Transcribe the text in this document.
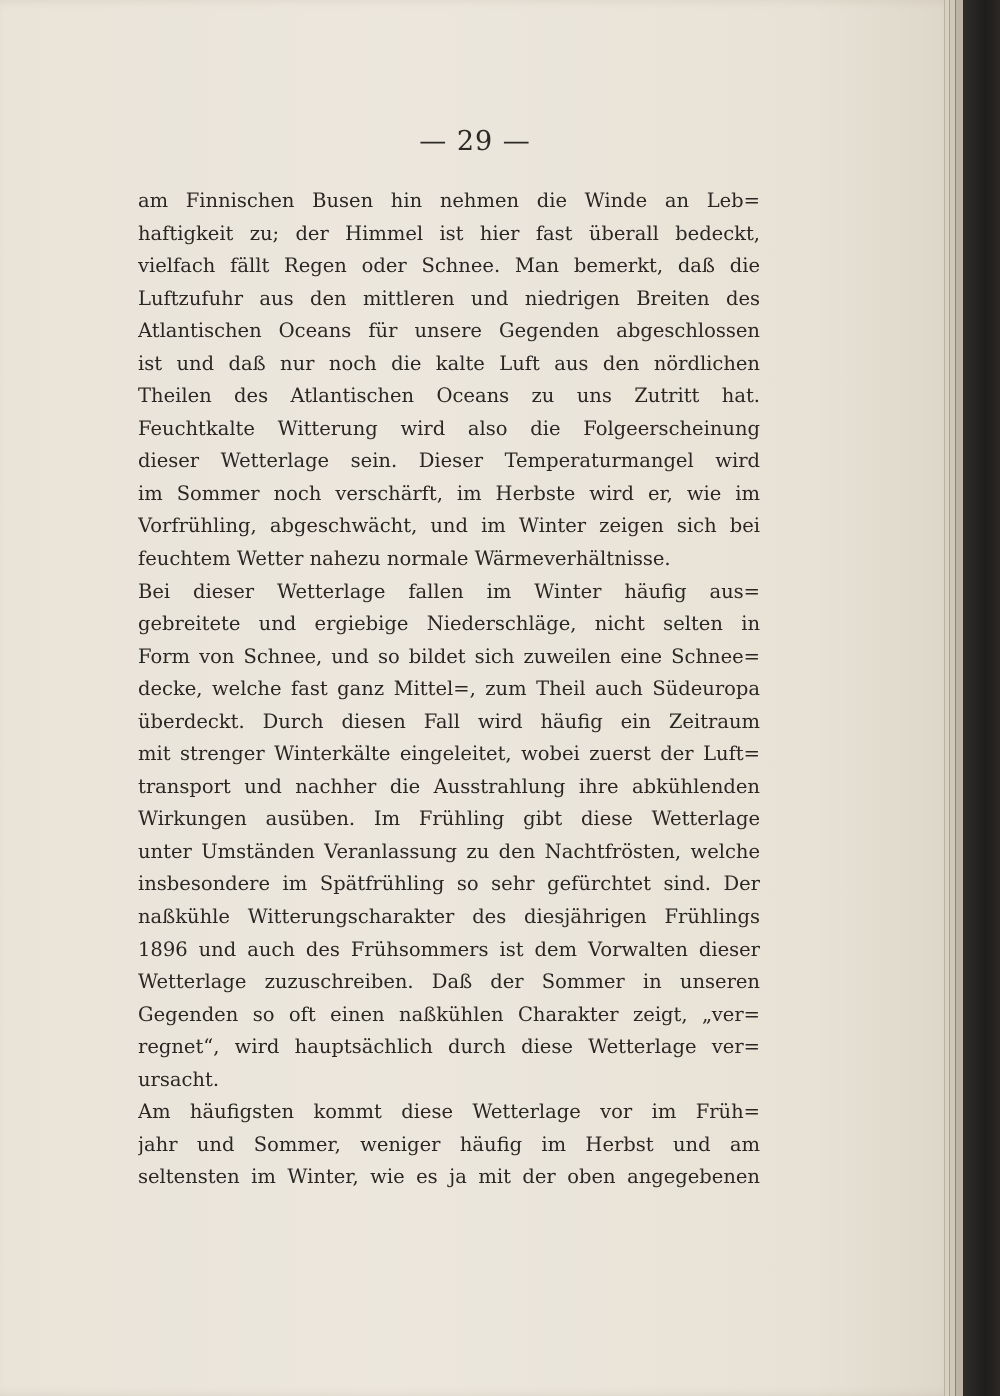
— 29 —
am Finnischen Busen hin nehmen die Winde an Leb=
haftigkeit zu; der Himmel ist hier fast überall bedeckt,
vielfach fällt Regen oder Schnee. Man bemerkt, daß die
Luftzufuhr aus den mittleren und niedrigen Breiten des
Atlantischen Oceans für unsere Gegenden abgeschlossen
ist und daß nur noch die kalte Luft aus den nördlichen
Theilen des Atlantischen Oceans zu uns Zutritt hat.
Feuchtkalte Witterung wird also die Folgeerscheinung
dieser Wetterlage sein. Dieser Temperaturmangel wird
im Sommer noch verschärft, im Herbste wird er, wie im
Vorfrühling, abgeschwächt, und im Winter zeigen sich bei
feuchtem Wetter nahezu normale Wärmeverhältnisse.
Bei dieser Wetterlage fallen im Winter häufig aus=
gebreitete und ergiebige Niederschläge, nicht selten in
Form von Schnee, und so bildet sich zuweilen eine Schnee=
decke, welche fast ganz Mittel=, zum Theil auch Südeuropa
überdeckt. Durch diesen Fall wird häufig ein Zeitraum
mit strenger Winterkälte eingeleitet, wobei zuerst der Luft=
transport und nachher die Ausstrahlung ihre abkühlenden
Wirkungen ausüben. Im Frühling gibt diese Wetterlage
unter Umständen Veranlassung zu den Nachtfrösten, welche
insbesondere im Spätfrühling so sehr gefürchtet sind. Der
naßkühle Witterungscharakter des diesjährigen Frühlings
1896 und auch des Frühsommers ist dem Vorwalten dieser
Wetterlage zuzuschreiben. Daß der Sommer in unseren
Gegenden so oft einen naßkühlen Charakter zeigt, „ver=
regnet“, wird hauptsächlich durch diese Wetterlage ver=
ursacht.
Am häufigsten kommt diese Wetterlage vor im Früh=
jahr und Sommer, weniger häufig im Herbst und am
seltensten im Winter, wie es ja mit der oben angegebenen
